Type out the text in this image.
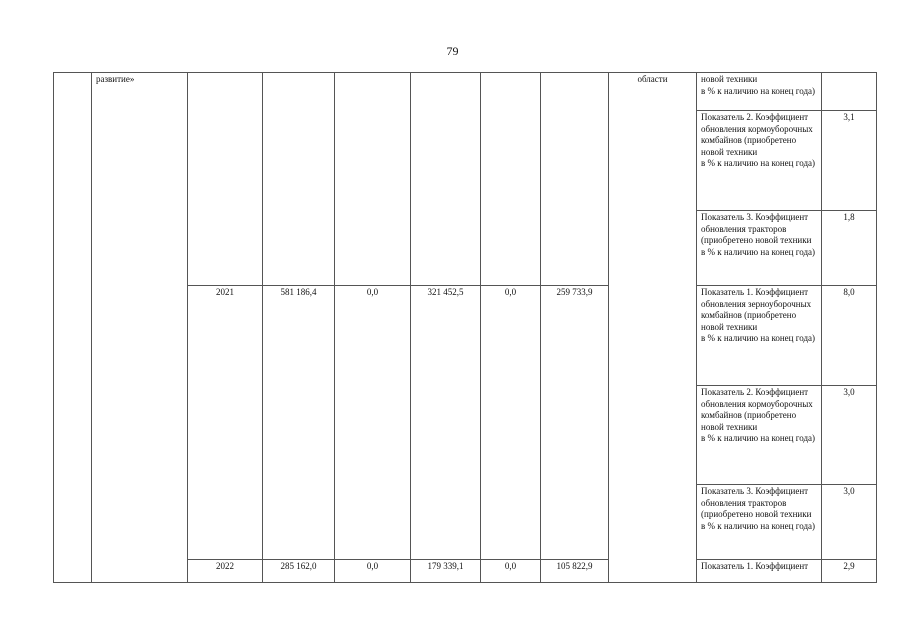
79
	развитие»							области	новой техники
в % к наличию на конец года)	
									Показатель 2. Коэффициент обновления кормоуборочных комбайнов (приобретено новой техники
в % к наличию на конец года)	3,1
									Показатель 3. Коэффициент обновления тракторов (приобретено новой техники в % к наличию на конец года)	1,8
		2021	581 186,4	0,0	321 452,5	0,0	259 733,9		Показатель 1. Коэффициент обновления зерноуборочных комбайнов (приобретено новой техники
в % к наличию на конец года)	8,0
									Показатель 2. Коэффициент обновления кормоуборочных комбайнов (приобретено новой техники
в % к наличию на конец года)	3,0
									Показатель 3. Коэффициент обновления тракторов (приобретено новой техники в % к наличию на конец года)	3,0
		2022	285 162,0	0,0	179 339,1	0,0	105 822,9		Показатель 1. Коэффициент	2,9
